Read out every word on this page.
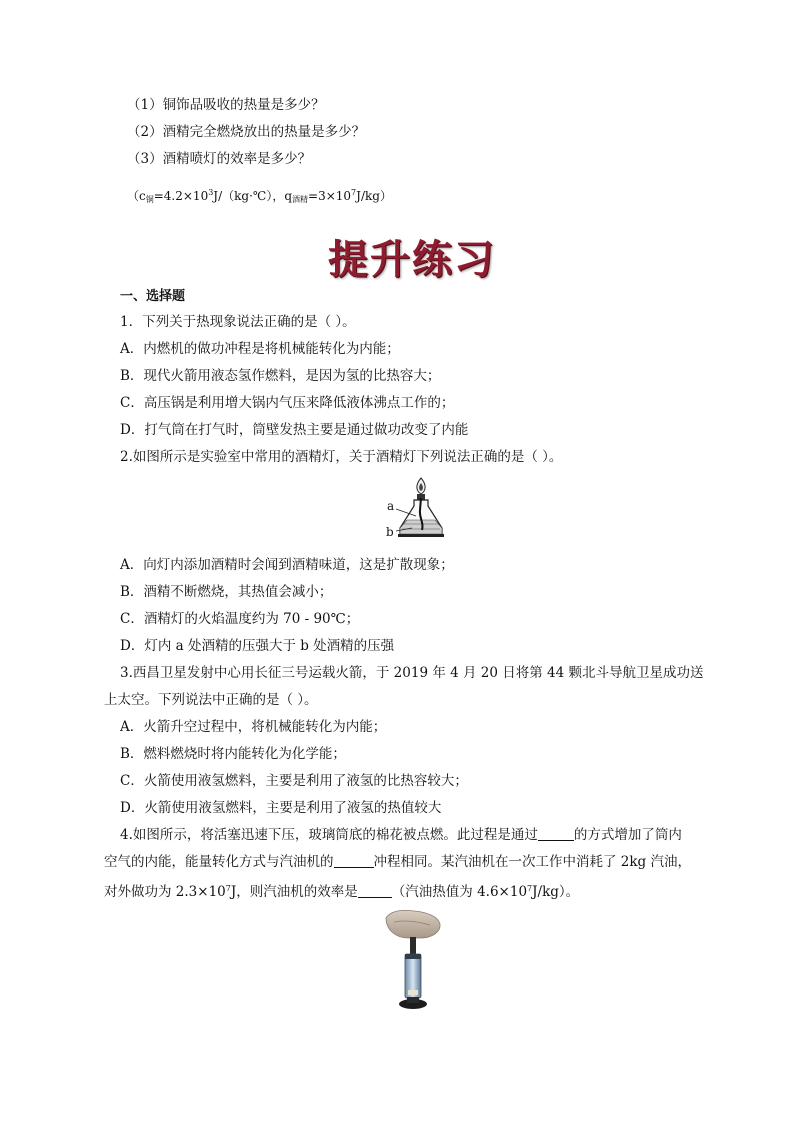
（1）铜饰品吸收的热量是多少？
（2）酒精完全燃烧放出的热量是多少？
（3）酒精喷灯的效率是多少？
（$c_铜=4.2\times 10^3J/(kg\cdot℃)$，$q_{酒精}=3\times 10^7J/kg$）
提升练习
一、选择题
1．下列关于热现象说法正确的是（ ）。
A．内燃机的做功冲程是将机械能转化为内能；
B．现代火箭用液态氢作燃料，是因为氢的比热容大；
C．高压锅是利用增大锅内气压来降低液体沸点工作的；
D．打气筒在打气时，筒壁发热主要是通过做功改变了内能
2.如图所示是实验室中常用的酒精灯，关于酒精灯下列说法正确的是（ ）。
a
b
A．向灯内添加酒精时会闻到酒精味道，这是扩散现象；
B．酒精不断燃烧，其热值会减小；
C．酒精灯的火焰温度约为 70 - 90℃；
D．灯内 a 处酒精的压强大于 b 处酒精的压强
3.西昌卫星发射中心用长征三号运载火箭，于 2019 年 4 月 20 日将第 44 颗北斗导航卫星成功送
上太空。下列说法中正确的是（ ）。
A．火箭升空过程中，将机械能转化为内能；
B．燃料燃烧时将内能转化为化学能；
C．火箭使用液氢燃料，主要是利用了液氢的比热容较大；
D．火箭使用液氢燃料，主要是利用了液氢的热值较大
4.如图所示，将活塞迅速下压，玻璃筒底的棉花被点燃。此过程是通过	的方式增加了筒内
空气的内能，能量转化方式与汽油机的	冲程相同。某汽油机在一次工作中消耗了 2kg 汽油，
对外做功为 $2.3\times 10^7J$，则汽油机的效率是	（汽油热值为 $4.6\times 10^7J/kg$）。
